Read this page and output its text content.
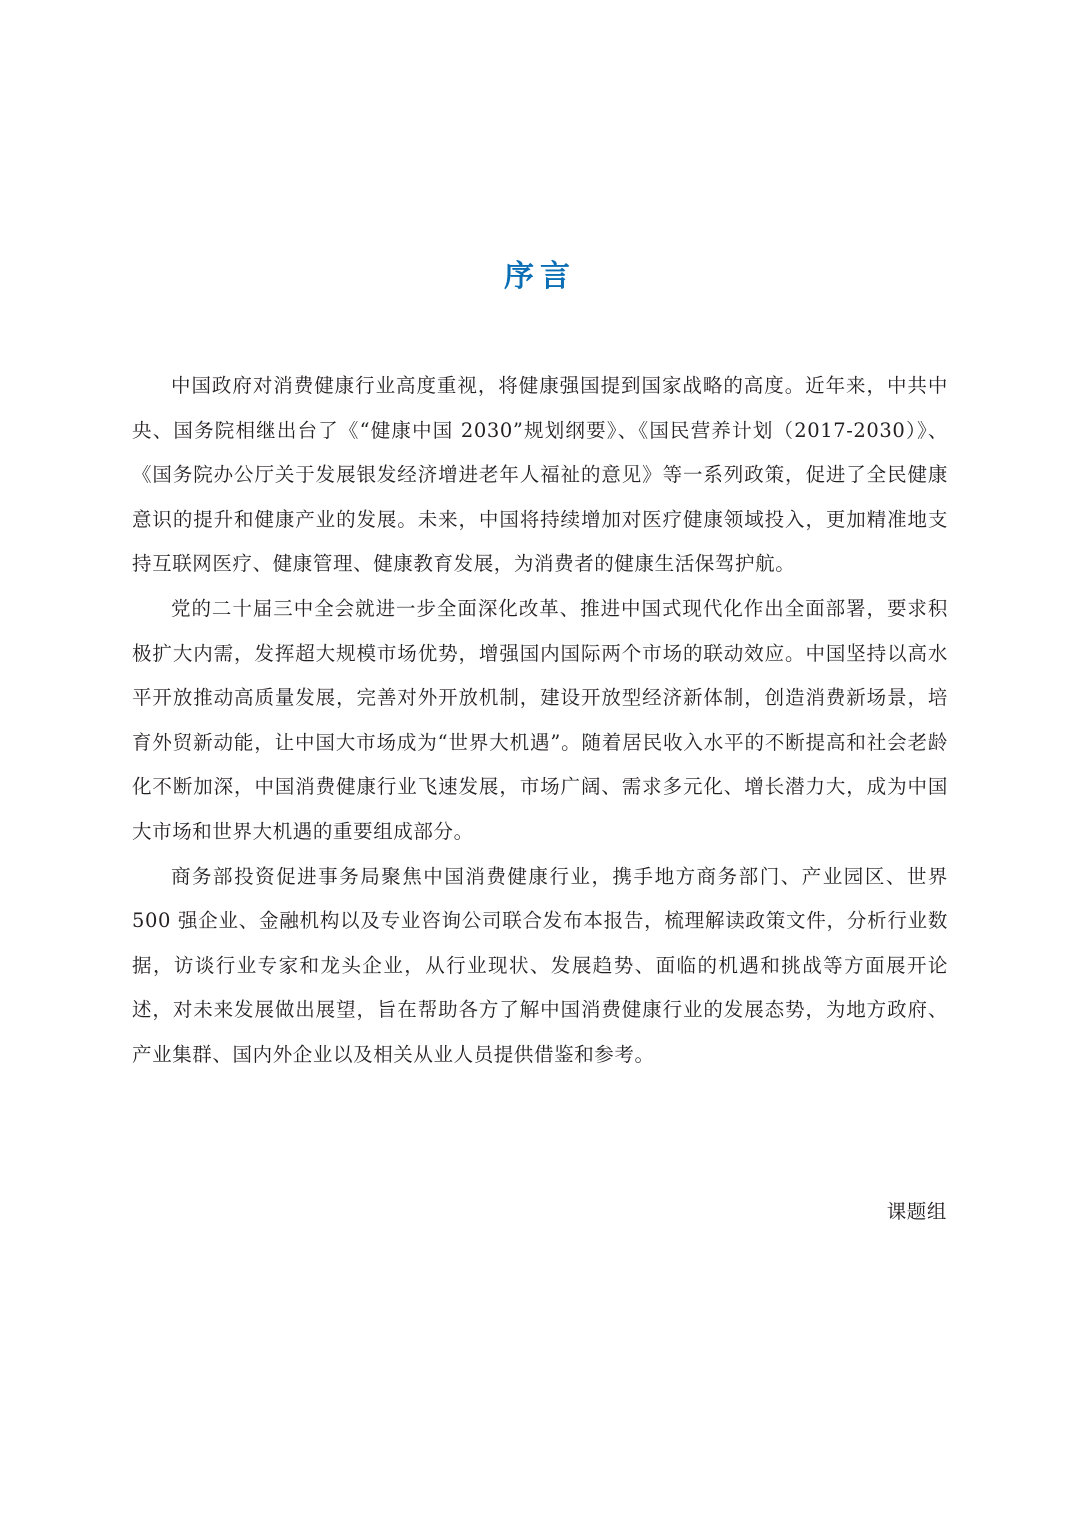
序言

中国政府对消费健康行业高度重视，将健康强国提到国家战略的高度。近年来，中共中央、国务院相继出台了《“健康中国 2030”规划纲要》、《国民营养计划（2017-2030）》、《国务院办公厅关于发展银发经济增进老年人福祉的意见》等一系列政策，促进了全民健康意识的提升和健康产业的发展。未来，中国将持续增加对医疗健康领域投入，更加精准地支持互联网医疗、健康管理、健康教育发展，为消费者的健康生活保驾护航。

党的二十届三中全会就进一步全面深化改革、推进中国式现代化作出全面部署，要求积极扩大内需，发挥超大规模市场优势，增强国内国际两个市场的联动效应。中国坚持以高水平开放推动高质量发展，完善对外开放机制，建设开放型经济新体制，创造消费新场景，培育外贸新动能，让中国大市场成为“世界大机遇”。随着居民收入水平的不断提高和社会老龄化不断加深，中国消费健康行业飞速发展，市场广阔、需求多元化、增长潜力大，成为中国大市场和世界大机遇的重要组成部分。

商务部投资促进事务局聚焦中国消费健康行业，携手地方商务部门、产业园区、世界 500 强企业、金融机构以及专业咨询公司联合发布本报告，梳理解读政策文件，分析行业数据，访谈行业专家和龙头企业，从行业现状、发展趋势、面临的机遇和挑战等方面展开论述，对未来发展做出展望，旨在帮助各方了解中国消费健康行业的发展态势，为地方政府、产业集群、国内外企业以及相关从业人员提供借鉴和参考。

课题组
